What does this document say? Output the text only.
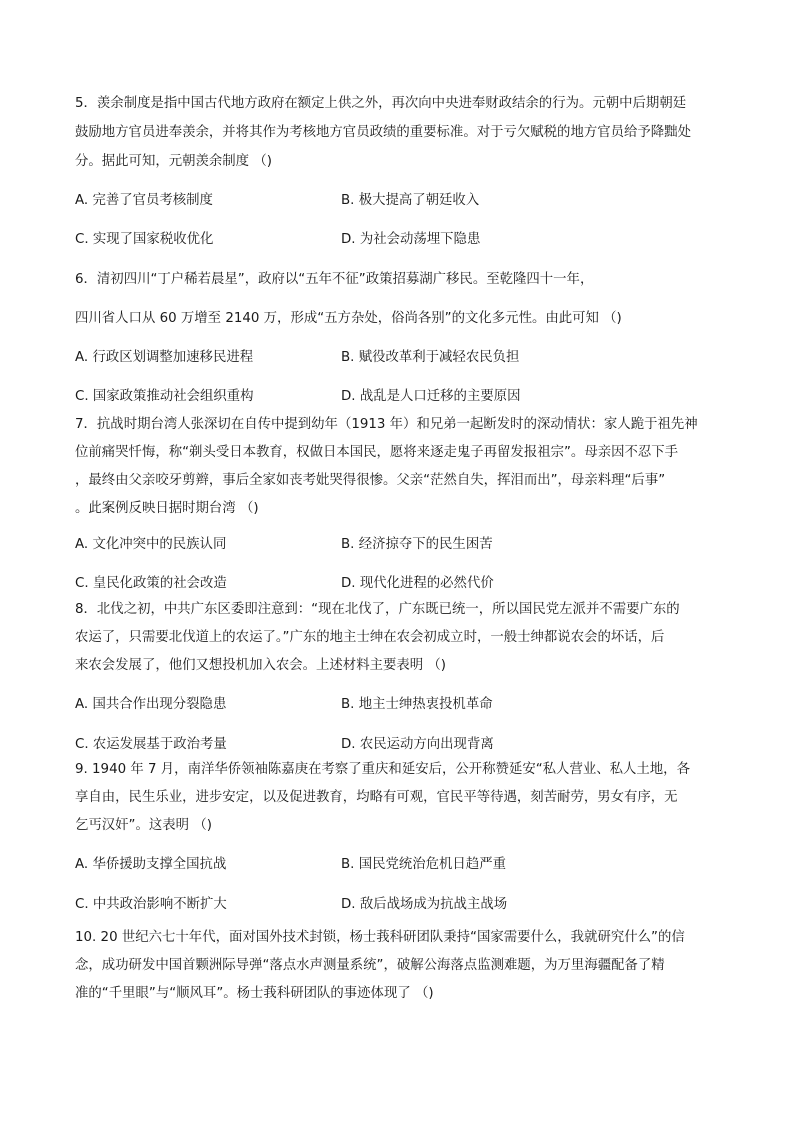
5．羡余制度是指中国古代地方政府在额定上供之外，再次向中央进奉财政结余的行为。元朝中后期朝廷
鼓励地方官员进奉羡余，并将其作为考核地方官员政绩的重要标准。对于亏欠赋税的地方官员给予降黜处
分。据此可知，元朝羡余制度 （)
A. 完善了官员考核制度	B. 极大提高了朝廷收入
C. 实现了国家税收优化	D. 为社会动荡埋下隐患
6．清初四川“丁户稀若晨星”，政府以“五年不征”政策招募湖广移民。至乾隆四十一年，
四川省人口从 60 万增至 2140 万，形成“五方杂处，俗尚各别”的文化多元性。由此可知 （)
A. 行政区划调整加速移民进程	B. 赋役改革利于减轻农民负担
C. 国家政策推动社会组织重构	D. 战乱是人口迁移的主要原因
7．抗战时期台湾人张深切在自传中提到幼年（1913 年）和兄弟一起断发时的深动情状：家人跪于祖先神
位前痛哭忏悔，称“剃头受日本教育，权做日本国民，愿将来逐走鬼子再留发报祖宗”。母亲因不忍下手
，最终由父亲咬牙剪辫，事后全家如丧考妣哭得很惨。父亲“茫然自失，挥泪而出”，母亲料理“后事”
。此案例反映日据时期台湾 （)
A. 文化冲突中的民族认同	B. 经济掠夺下的民生困苦
C. 皇民化政策的社会改造	D. 现代化进程的必然代价
8．北伐之初，中共广东区委即注意到：“现在北伐了，广东既已统一，所以国民党左派并不需要广东的
农运了，只需要北伐道上的农运了。”广东的地主士绅在农会初成立时，一般士绅都说农会的坏话，后
来农会发展了，他们又想投机加入农会。上述材料主要表明 （)
A. 国共合作出现分裂隐患	B. 地主士绅热衷投机革命
C. 农运发展基于政治考量	D. 农民运动方向出现背离
9. 1940 年 7 月，南洋华侨领袖陈嘉庚在考察了重庆和延安后，公开称赞延安“私人营业、私人土地，各
享自由，民生乐业，进步安定，以及促进教育，均略有可观，官民平等待遇，刻苦耐劳，男女有序，无
乞丐汉奸”。这表明 （)
A. 华侨援助支撑全国抗战	B. 国民党统治危机日趋严重
C. 中共政治影响不断扩大	D. 敌后战场成为抗战主战场
10. 20 世纪六七十年代，面对国外技术封锁，杨士莪科研团队秉持“国家需要什么，我就研究什么”的信
念，成功研发中国首颗洲际导弹“落点水声测量系统”，破解公海落点监测难题，为万里海疆配备了精
准的“千里眼”与“顺风耳”。杨士莪科研团队的事迹体现了 （)
